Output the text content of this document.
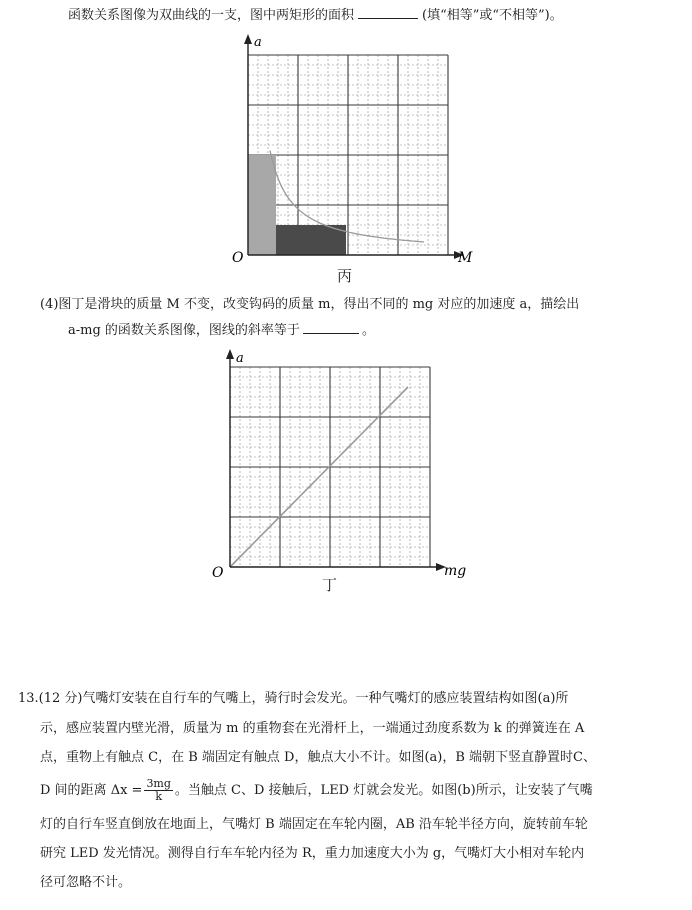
函数关系图像为双曲线的一支，图中两矩形的面积	(填“相等”或“不相等”)。
a
M
O
丙
(4)图丁是滑块的质量 M 不变，改变钩码的质量 m，得出不同的 mg 对应的加速度 a，描绘出
a-mg 的函数关系图像，图线的斜率等于	。
a
mg
O
丁
13.(12 分)气嘴灯安装在自行车的气嘴上，骑行时会发光。一种气嘴灯的感应装置结构如图(a)所
示，感应装置内壁光滑，质量为 m 的重物套在光滑杆上，一端通过劲度系数为 k 的弹簧连在 A
点，重物上有触点 C，在 B 端固定有触点 D，触点大小不计。如图(a)，B 端朝下竖直静置时C、
D 间的距离 $\Delta x = \frac{3mg}{k}$ 。当触点 C、D 接触后，LED 灯就会发光。如图(b)所示，让安装了气嘴
灯的自行车竖直倒放在地面上，气嘴灯 B 端固定在车轮内圈，AB 沿车轮半径方向，旋转前车轮
研究 LED 发光情况。测得自行车车轮内径为 R，重力加速度大小为 g，气嘴灯大小相对车轮内
径可忽略不计。
